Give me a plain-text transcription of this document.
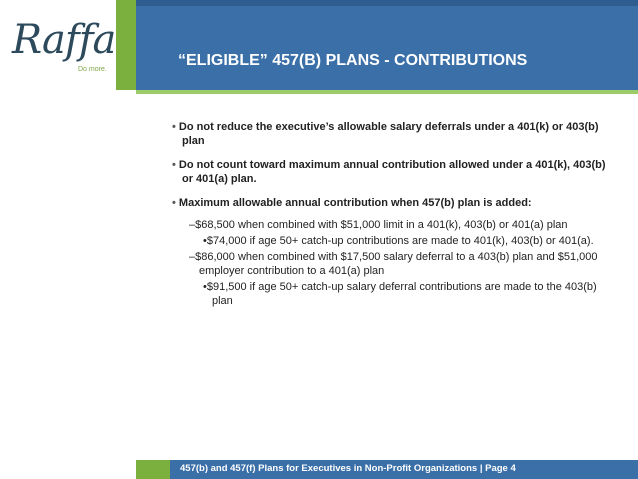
Raffa
Do more.
“ELIGIBLE” 457(B) PLANS - CONTRIBUTIONS
• Do not reduce the executive’s allowable salary deferrals under a 401(k) or 403(b) plan
• Do not count toward maximum annual contribution allowed under a 401(k), 403(b) or 401(a) plan.
• Maximum allowable annual contribution when 457(b) plan is added:
–$68,500 when combined with $51,000 limit in a 401(k), 403(b) or 401(a) plan
•$74,000 if age 50+ catch-up contributions are made to 401(k), 403(b) or 401(a).
–$86,000 when combined with $17,500 salary deferral to a 403(b) plan and $51,000 employer contribution to a 401(a) plan
•$91,500 if age 50+ catch-up salary deferral contributions are made to the 403(b) plan
457(b) and 457(f) Plans for Executives in Non-Profit Organizations | Page 4
